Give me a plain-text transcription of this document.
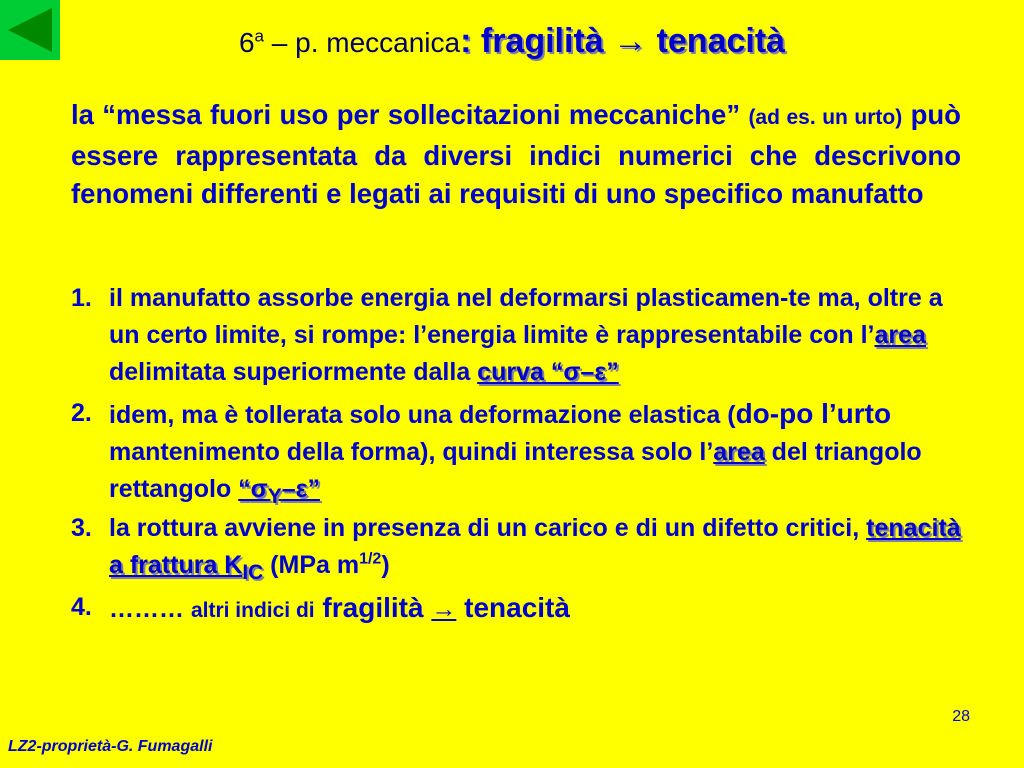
6$^a$ – p. meccanica: fragilità → tenacità
la “messa fuori uso per sollecitazioni meccaniche” (ad es. un urto) può essere rappresentata da diversi indici numerici che descrivono fenomeni differenti e legati ai requisiti di uno specifico manufatto
1. il manufatto assorbe energia nel deformarsi plasticamen-te ma, oltre a un certo limite, si rompe: l’energia limite è rappresentabile con l’area delimitata superiormente dalla curva “σ–ε”
2. idem, ma è tollerata solo una deformazione elastica (do-po l’urto mantenimento della forma), quindi interessa solo l’area del triangolo rettangolo “$\sigma_Y-\varepsilon$”
3. la rottura avviene in presenza di un carico e di un difetto critici, tenacità a frattura $K_{IC}$ (MPa $m^{1/2}$)
4. ……… altri indici di fragilità → tenacità
28
LZ2-proprietà-G. Fumagalli
